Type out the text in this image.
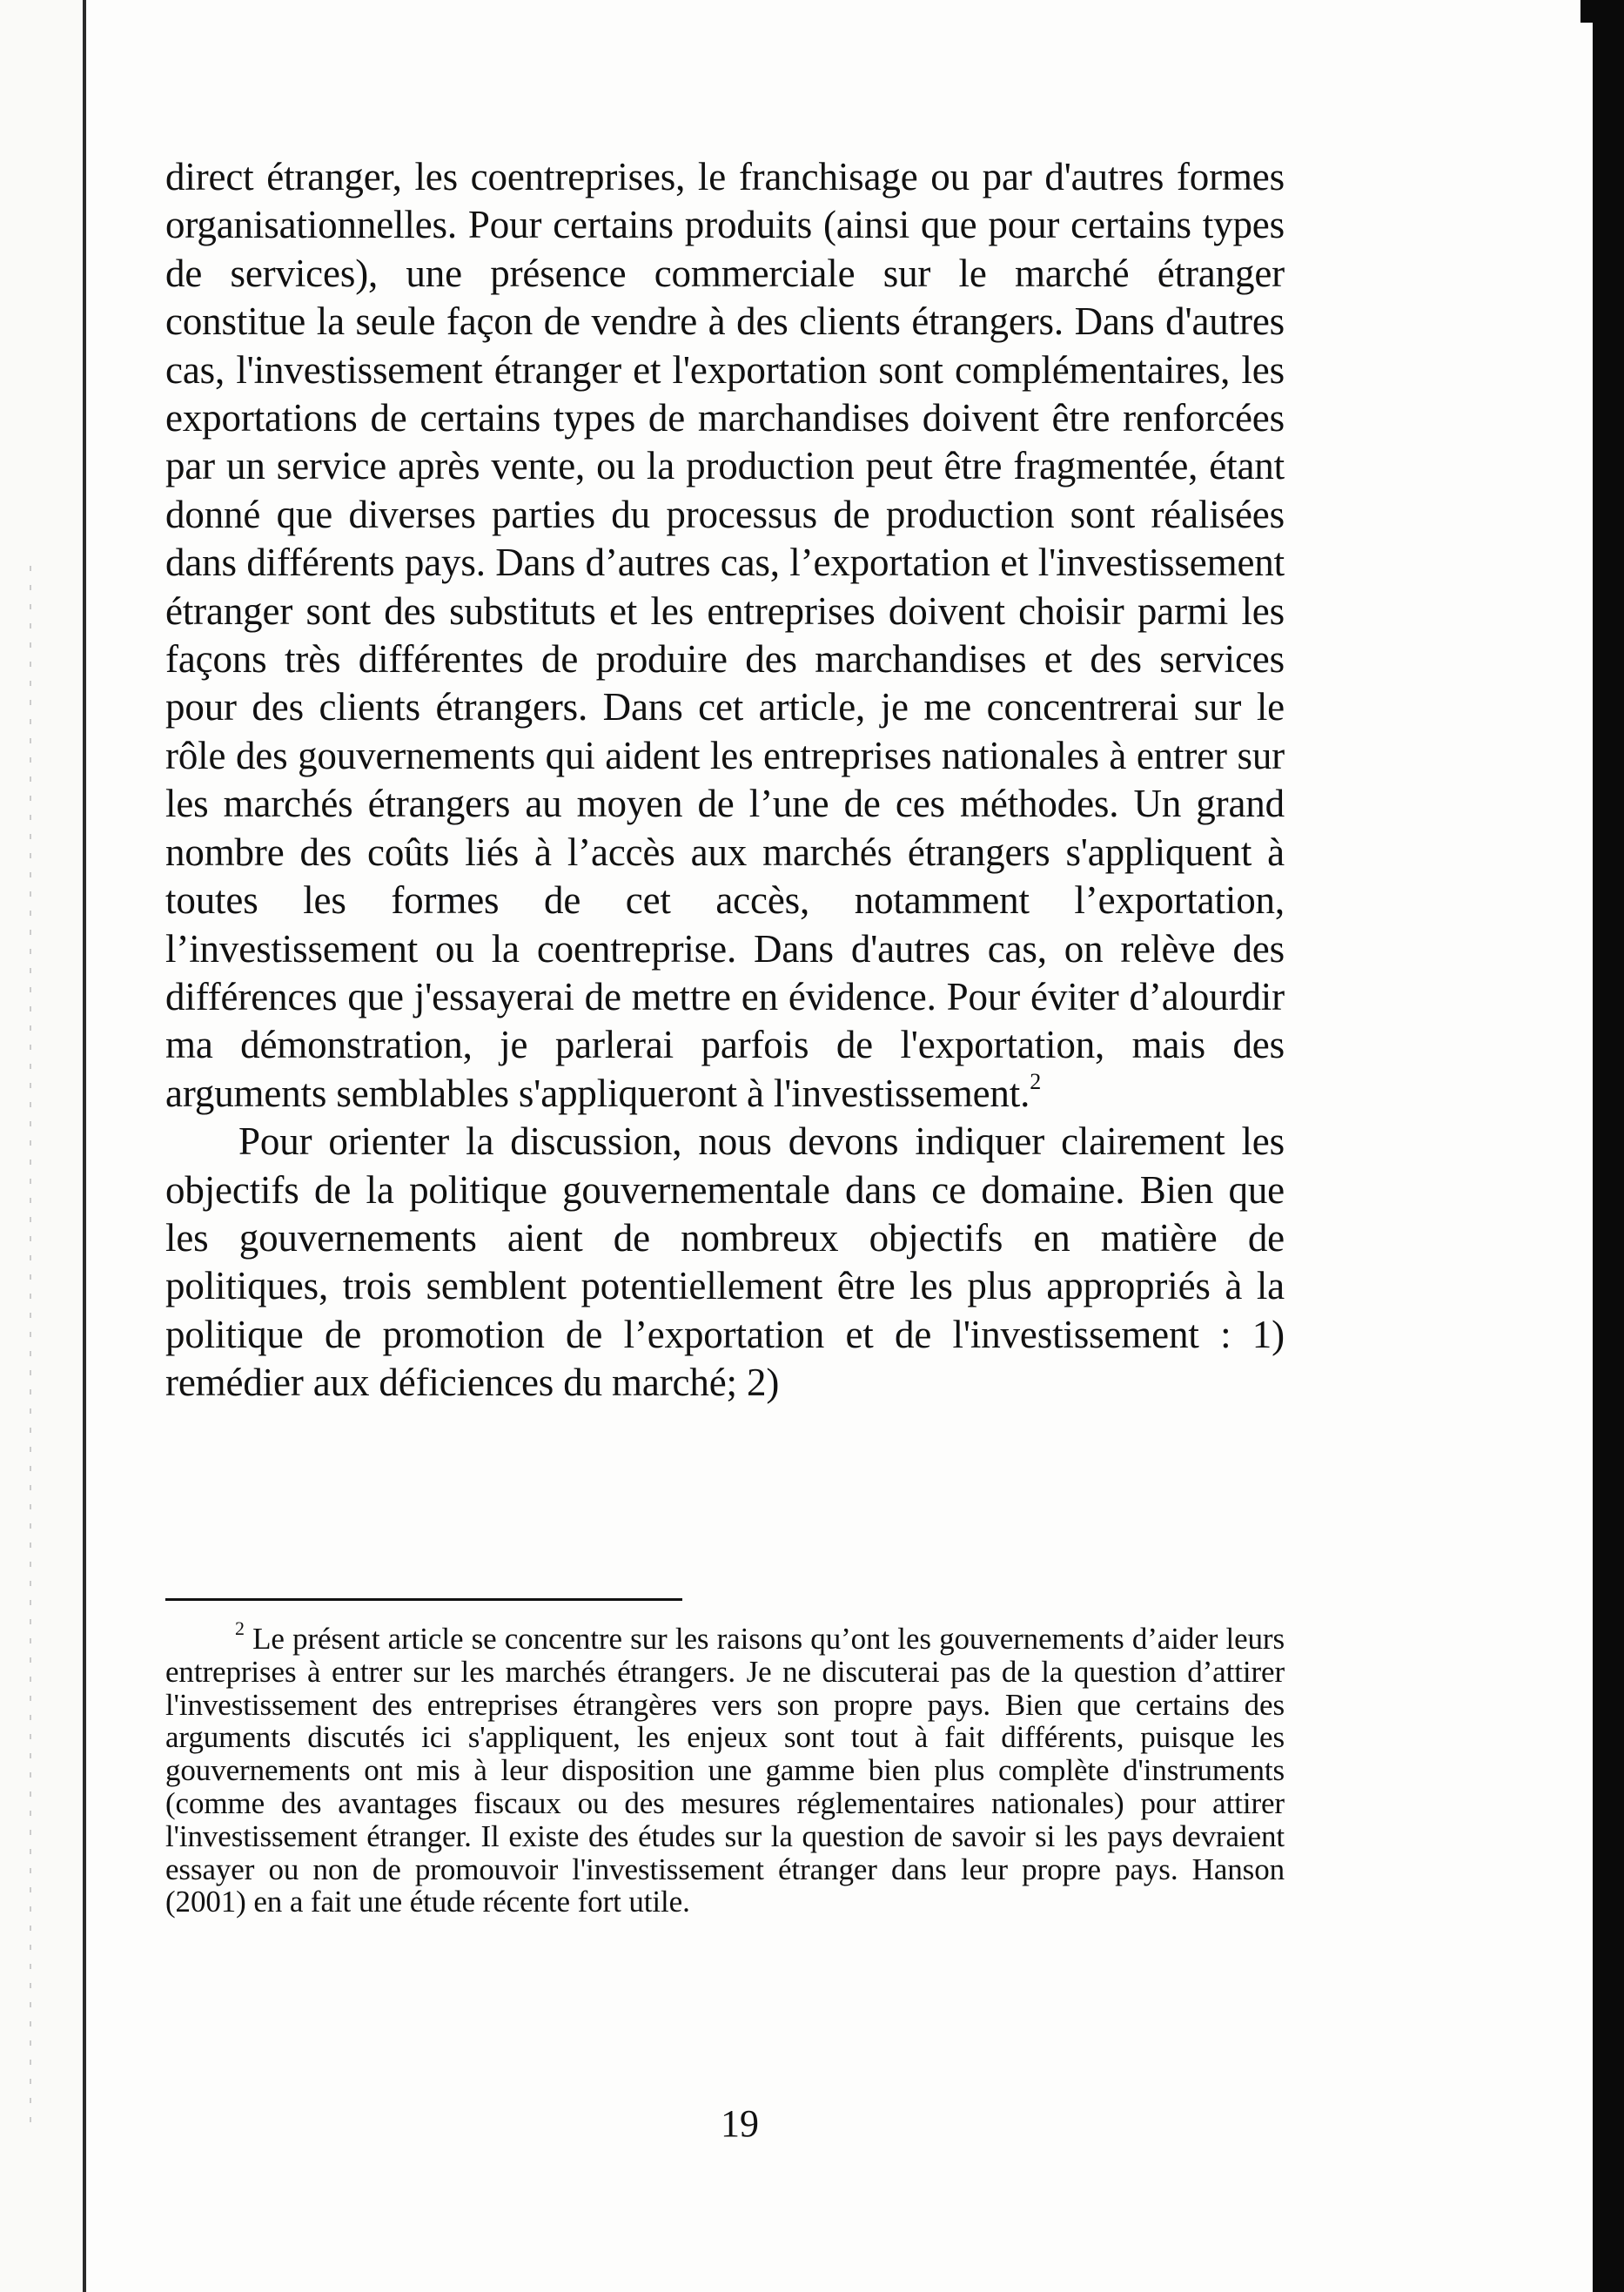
direct étranger, les coentreprises, le franchisage ou par d'autres formes organisationnelles. Pour certains produits (ainsi que pour certains types de services), une présence commerciale sur le marché étranger constitue la seule façon de vendre à des clients étrangers. Dans d'autres cas, l'investissement étranger et l'exportation sont complémentaires, les exportations de certains types de marchandises doivent être renforcées par un service après vente, ou la production peut être fragmentée, étant donné que diverses parties du processus de production sont réalisées dans différents pays. Dans d’autres cas, l’exportation et l'investissement étranger sont des substituts et les entreprises doivent choisir parmi les façons très différentes de produire des marchandises et des services pour des clients étrangers. Dans cet article, je me concentrerai sur le rôle des gouvernements qui aident les entreprises nationales à entrer sur les marchés étrangers au moyen de l’une de ces méthodes. Un grand nombre des coûts liés à l’accès aux marchés étrangers s'appliquent à toutes les formes de cet accès, notamment l’exportation, l’investissement ou la coentreprise. Dans d'autres cas, on relève des différences que j'essayerai de mettre en évidence. Pour éviter d’alourdir ma démonstration, je parlerai parfois de l'exportation, mais des arguments semblables s'appliqueront à l'investissement.$^2$

Pour orienter la discussion, nous devons indiquer clairement les objectifs de la politique gouvernementale dans ce domaine. Bien que les gouvernements aient de nombreux objectifs en matière de politiques, trois semblent potentiellement être les plus appropriés à la politique de promotion de l’exportation et de l'investissement : 1) remédier aux déficiences du marché; 2)

$^2$ Le présent article se concentre sur les raisons qu’ont les gouvernements d’aider leurs entreprises à entrer sur les marchés étrangers. Je ne discuterai pas de la question d’attirer l'investissement des entreprises étrangères vers son propre pays. Bien que certains des arguments discutés ici s'appliquent, les enjeux sont tout à fait différents, puisque les gouvernements ont mis à leur disposition une gamme bien plus complète d'instruments (comme des avantages fiscaux ou des mesures réglementaires nationales) pour attirer l'investissement étranger. Il existe des études sur la question de savoir si les pays devraient essayer ou non de promouvoir l'investissement étranger dans leur propre pays. Hanson (2001) en a fait une étude récente fort utile.

19
